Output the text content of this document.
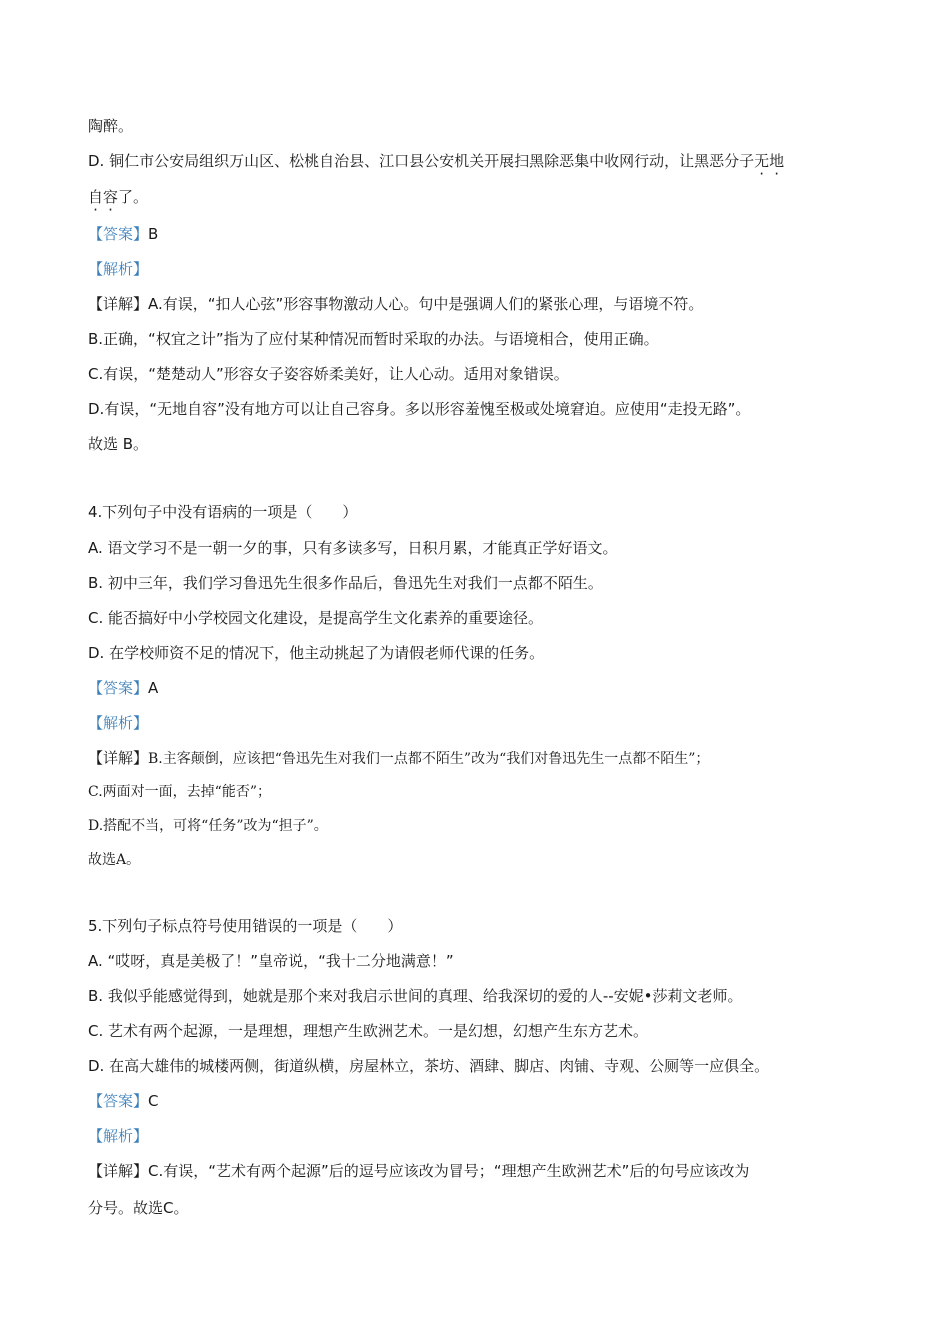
陶醉。
D. 铜仁市公安局组织万山区、松桃自治县、江口县公安机关开展扫黑除恶集中收网行动，让黑恶分子无地
自容了。
【答案】B
【解析】
【详解】A.有误，“扣人心弦”形容事物激动人心。句中是强调人们的紧张心理，与语境不符。
B.正确，“权宜之计”指为了应付某种情况而暂时采取的办法。与语境相合，使用正确。
C.有误，“楚楚动人”形容女子姿容娇柔美好，让人心动。适用对象错误。
D.有误，“无地自容”没有地方可以让自己容身。多以形容羞愧至极或处境窘迫。应使用“走投无路”。
故选 B。
4.下列句子中没有语病的一项是（　　）
A. 语文学习不是一朝一夕的事，只有多读多写，日积月累，才能真正学好语文。
B. 初中三年，我们学习鲁迅先生很多作品后，鲁迅先生对我们一点都不陌生。
C. 能否搞好中小学校园文化建设，是提高学生文化素养的重要途径。
D. 在学校师资不足的情况下，他主动挑起了为请假老师代课的任务。
【答案】A
【解析】
【详解】B.主客颠倒，应该把“鲁迅先生对我们一点都不陌生”改为“我们对鲁迅先生一点都不陌生”；
C.两面对一面，去掉“能否”；
D.搭配不当，可将“任务”改为“担子”。
故选A。
5.下列句子标点符号使用错误的一项是（　　）
A. “哎呀，真是美极了！”皇帝说，“我十二分地满意！”
B. 我似乎能感觉得到，她就是那个来对我启示世间的真理、给我深切的爱的人--安妮•莎莉文老师。
C. 艺术有两个起源，一是理想，理想产生欧洲艺术。一是幻想，幻想产生东方艺术。
D. 在高大雄伟的城楼两侧，街道纵横，房屋林立，茶坊、酒肆、脚店、肉铺、寺观、公厕等一应俱全。
【答案】C
【解析】
【详解】C.有误，“艺术有两个起源”后的逗号应该改为冒号；“理想产生欧洲艺术”后的句号应该改为
分号。故选C。
